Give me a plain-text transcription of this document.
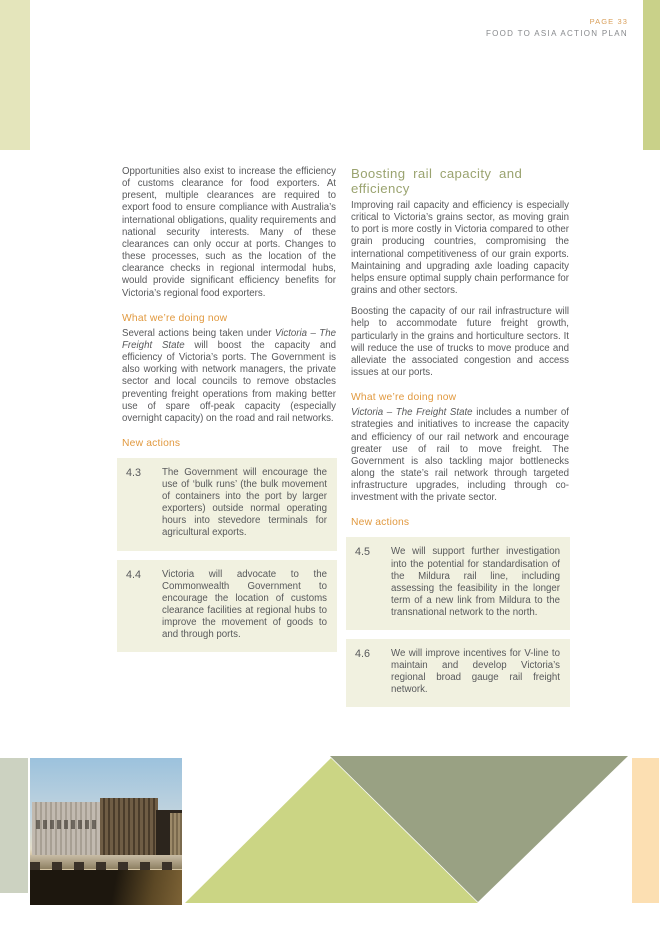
PAGE 33
FOOD TO ASIA ACTION PLAN

Opportunities also exist to increase the efficiency of customs clearance for food exporters. At present, multiple clearances are required to export food to ensure compliance with Australia’s international obligations, quality requirements and national security interests. Many of these clearances can only occur at ports. Changes to these processes, such as the location of the clearance checks in regional intermodal hubs, would provide significant efficiency benefits for Victoria’s regional food exporters.

What we’re doing now

Several actions being taken under Victoria – The Freight State will boost the capacity and efficiency of Victoria’s ports. The Government is also working with network managers, the private sector and local councils to remove obstacles preventing freight operations from making better use of spare off-peak capacity (especially overnight capacity) on the road and rail networks.

New actions
4.3	The Government will encourage the use of ‘bulk runs’ (the bulk movement of containers into the port by larger exporters) outside normal operating hours into stevedore terminals for agricultural exports.
4.4	Victoria will advocate to the Commonwealth Government to encourage the location of customs clearance facilities at regional hubs to improve the movement of goods to and through ports.
Boosting rail capacity and efficiency

Improving rail capacity and efficiency is especially critical to Victoria’s grains sector, as moving grain to port is more costly in Victoria compared to other grain producing countries, compromising the international competitiveness of our grain exports. Maintaining and upgrading axle loading capacity helps ensure optimal supply chain performance for grains and other sectors.

Boosting the capacity of our rail infrastructure will help to accommodate future freight growth, particularly in the grains and horticulture sectors. It will reduce the use of trucks to move produce and alleviate the associated congestion and access issues at our ports.

What we’re doing now

Victoria – The Freight State includes a number of strategies and initiatives to increase the capacity and efficiency of our rail network and encourage greater use of rail to move freight. The Government is also tackling major bottlenecks along the state’s rail network through targeted infrastructure upgrades, including through co-investment with the private sector.

New actions
4.5	We will support further investigation into the potential for standardisation of the Mildura rail line, including assessing the feasibility in the longer term of a new link from Mildura to the transnational network to the north.
4.6	We will improve incentives for V-line to maintain and develop Victoria’s regional broad gauge rail freight network.
